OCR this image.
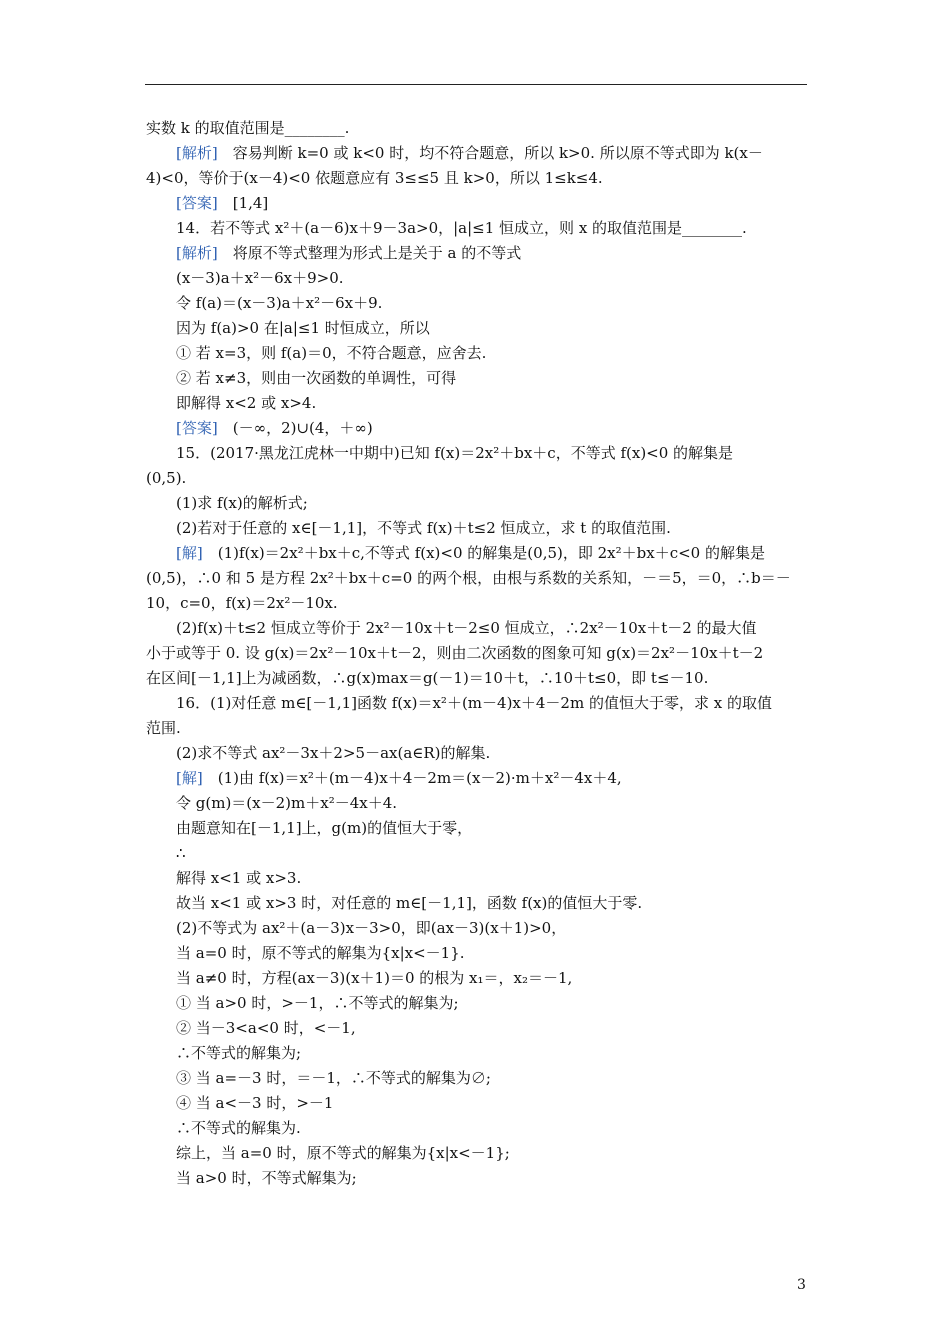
实数 k 的取值范围是________.
[解析]　容易判断 k=0 或 k<0 时，均不符合题意，所以 k>0. 所以原不等式即为 k(x－
4)<0，等价于(x－4)<0 依题意应有 3≤≤5 且 k>0，所以 1≤k≤4.
[答案]　[1,4]
14．若不等式 x²＋(a－6)x＋9－3a>0，|a|≤1 恒成立，则 x 的取值范围是________.
[解析]　将原不等式整理为形式上是关于 a 的不等式
(x－3)a＋x²－6x＋9>0.
令 f(a)＝(x－3)a＋x²－6x＋9.
因为 f(a)>0 在|a|≤1 时恒成立，所以
① 若 x=3，则 f(a)＝0，不符合题意，应舍去.
② 若 x≠3，则由一次函数的单调性，可得
即解得 x<2 或 x>4.
[答案]　(－∞，2)∪(4，＋∞)
15．(2017·黑龙江虎林一中期中)已知 f(x)＝2x²＋bx＋c，不等式 f(x)<0 的解集是
(0,5).
(1)求 f(x)的解析式;
(2)若对于任意的 x∈[－1,1]，不等式 f(x)＋t≤2 恒成立，求 t 的取值范围.
[解]　(1)f(x)＝2x²＋bx＋c,不等式 f(x)<0 的解集是(0,5)，即 2x²＋bx＋c<0 的解集是
(0,5)，∴0 和 5 是方程 2x²＋bx＋c=0 的两个根，由根与系数的关系知，－＝5，＝0，∴b＝－
10，c=0，f(x)＝2x²－10x.
(2)f(x)＋t≤2 恒成立等价于 2x²－10x＋t－2≤0 恒成立，∴2x²－10x＋t－2 的最大值
小于或等于 0. 设 g(x)＝2x²－10x＋t－2，则由二次函数的图象可知 g(x)＝2x²－10x＋t－2
在区间[－1,1]上为减函数，∴g(x)max＝g(－1)＝10＋t，∴10＋t≤0，即 t≤－10.
16．(1)对任意 m∈[－1,1]函数 f(x)＝x²＋(m－4)x＋4－2m 的值恒大于零，求 x 的取值
范围.
(2)求不等式 ax²－3x＋2>5－ax(a∈R)的解集.
[解]　(1)由 f(x)＝x²＋(m－4)x＋4－2m＝(x－2)·m＋x²－4x＋4,
令 g(m)＝(x－2)m＋x²－4x＋4.
由题意知在[－1,1]上，g(m)的值恒大于零，
∴
解得 x<1 或 x>3.
故当 x<1 或 x>3 时，对任意的 m∈[－1,1]，函数 f(x)的值恒大于零.
(2)不等式为 ax²＋(a－3)x－3>0，即(ax－3)(x＋1)>0，
当 a=0 时，原不等式的解集为{x|x<－1}.
当 a≠0 时，方程(ax－3)(x＋1)＝0 的根为 x₁＝，x₂＝－1,
① 当 a>0 时，>－1，∴不等式的解集为;
② 当－3<a<0 时，<－1,
∴不等式的解集为;
③ 当 a=－3 时，＝－1，∴不等式的解集为∅;
④ 当 a<－3 时，>－1
∴不等式的解集为.
综上，当 a=0 时，原不等式的解集为{x|x<－1};
当 a>0 时，不等式解集为;
3
